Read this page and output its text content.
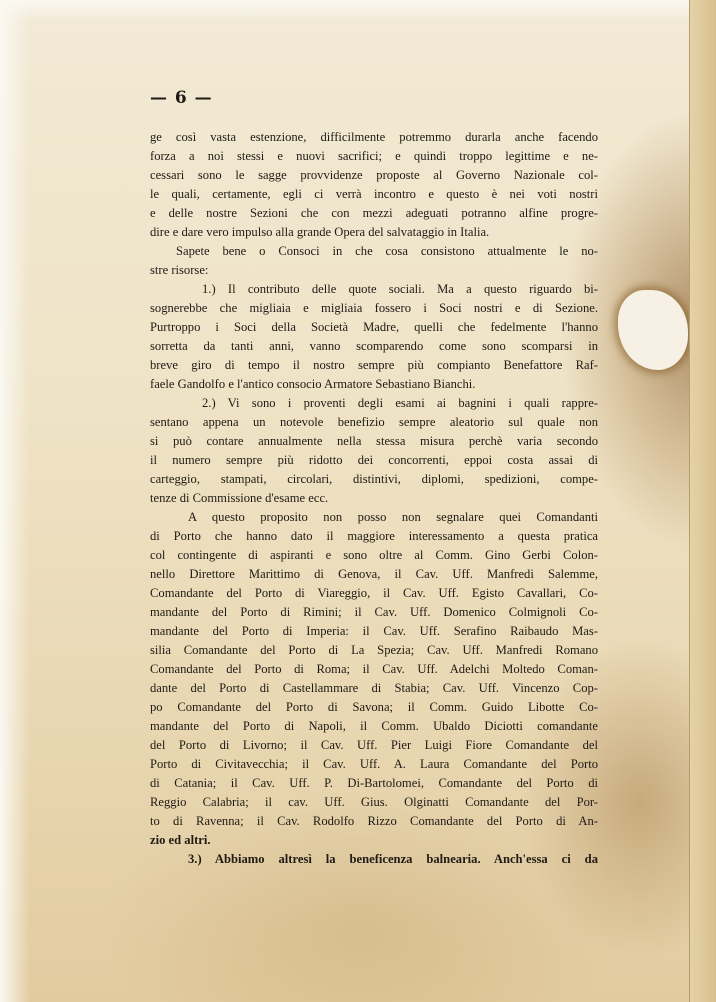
— 6 —
ge così vasta estenzione, difficilmente potremmo durarla anche facendo
forza a noi stessi e nuovi sacrifici; e quindi troppo legittime e ne-
cessari sono le sagge provvidenze proposte al Governo Nazionale col-
le quali, certamente, egli ci verrà incontro e questo è nei voti nostri
e delle nostre Sezioni che con mezzi adeguati potranno alfine progre-
dire e dare vero impulso alla grande Opera del salvataggio in Italia.
Sapete bene o Consoci in che cosa consistono attualmente le no-
stre risorse:
1.) Il contributo delle quote sociali. Ma a questo riguardo bi-
sognerebbe che migliaia e migliaia fossero i Soci nostri e di Sezione.
Purtroppo i Soci della Società Madre, quelli che fedelmente l'hanno
sorretta da tanti anni, vanno scomparendo come sono scomparsi in
breve giro di tempo il nostro sempre più compianto Benefattore Raf-
faele Gandolfo e l'antico consocio Armatore Sebastiano Bianchi.
2.) Vi sono i proventi degli esami ai bagnini i quali rappre-
sentano appena un notevole benefizio sempre aleatorio sul quale non
si può contare annualmente nella stessa misura perchè varia secondo
il numero sempre più ridotto dei concorrenti, eppoi costa assai di
carteggio, stampati, circolari, distintivi, diplomi, spedizioni, compe-
tenze di Commissione d'esame ecc.
A questo proposito non posso non segnalare quei Comandanti
di Porto che hanno dato il maggiore interessamento a questa pratica
col contingente di aspiranti e sono oltre al Comm. Gino Gerbi Colon-
nello Direttore Marittimo di Genova, il Cav. Uff. Manfredi Salemme,
Comandante del Porto di Viareggio, il Cav. Uff. Egisto Cavallari, Co-
mandante del Porto di Rimini; il Cav. Uff. Domenico Colmignoli Co-
mandante del Porto di Imperia: il Cav. Uff. Serafino Raibaudo Mas-
silia Comandante del Porto di La Spezia; Cav. Uff. Manfredi Romano
Comandante del Porto di Roma; il Cav. Uff. Adelchi Moltedo Coman-
dante del Porto di Castellammare di Stabia; Cav. Uff. Vincenzo Cop-
po Comandante del Porto di Savona; il Comm. Guido Libotte Co-
mandante del Porto di Napoli, il Comm. Ubaldo Diciotti comandante
del Porto di Livorno; il Cav. Uff. Pier Luigi Fiore Comandante del
Porto di Civitavecchia; il Cav. Uff. A. Laura Comandante del Porto
di Catania; il Cav. Uff. P. Di-Bartolomei, Comandante del Porto di
Reggio Calabria; il cav. Uff. Gius. Olginatti Comandante del Por-
to di Ravenna; il Cav. Rodolfo Rizzo Comandante del Porto di An-
zio ed altri.
3.) Abbiamo altresì la beneficenza balnearia. Anch'essa ci da
